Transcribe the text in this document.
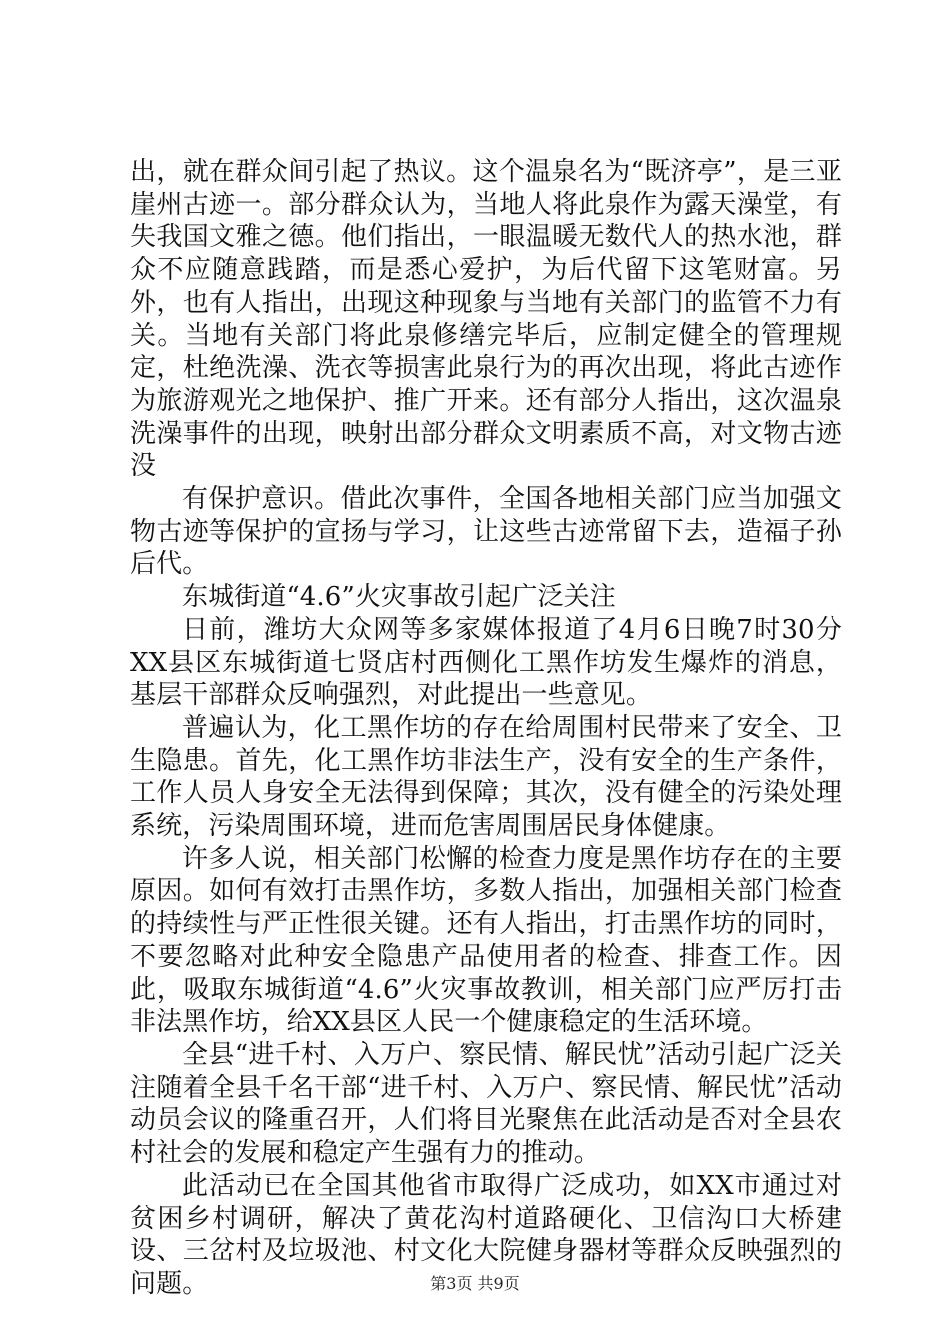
出，就在群众间引起了热议。这个温泉名为“既济亭”，是三亚崖州古迹一。部分群众认为，当地人将此泉作为露天澡堂，有失我国文雅之德。他们指出，一眼温暖无数代人的热水池，群众不应随意践踏，而是悉心爱护，为后代留下这笔财富。另外，也有人指出，出现这种现象与当地有关部门的监管不力有关。当地有关部门将此泉修缮完毕后，应制定健全的管理规定，杜绝洗澡、洗衣等损害此泉行为的再次出现，将此古迹作为旅游观光之地保护、推广开来。还有部分人指出，这次温泉洗澡事件的出现，映射出部分群众文明素质不高，对文物古迹没

有保护意识。借此次事件，全国各地相关部门应当加强文物古迹等保护的宣扬与学习，让这些古迹常留下去，造福子孙后代。

东城街道“4.6”火灾事故引起广泛关注

日前，潍坊大众网等多家媒体报道了4月6日晚7时30分XX县区东城街道七贤店村西侧化工黑作坊发生爆炸的消息，基层干部群众反响强烈，对此提出一些意见。

普遍认为，化工黑作坊的存在给周围村民带来了安全、卫生隐患。首先，化工黑作坊非法生产，没有安全的生产条件，工作人员人身安全无法得到保障；其次，没有健全的污染处理系统，污染周围环境，进而危害周围居民身体健康。

许多人说，相关部门松懈的检查力度是黑作坊存在的主要原因。如何有效打击黑作坊，多数人指出，加强相关部门检查的持续性与严正性很关键。还有人指出，打击黑作坊的同时，不要忽略对此种安全隐患产品使用者的检查、排查工作。因此，吸取东城街道“4.6”火灾事故教训，相关部门应严厉打击非法黑作坊，给XX县区人民一个健康稳定的生活环境。

全县“进千村、入万户、察民情、解民忧”活动引起广泛关注随着全县千名干部“进千村、入万户、察民情、解民忧”活动动员会议的隆重召开，人们将目光聚焦在此活动是否对全县农村社会的发展和稳定产生强有力的推动。

此活动已在全国其他省市取得广泛成功，如XX市通过对贫困乡村调研，解决了黄花沟村道路硬化、卫信沟口大桥建设、三岔村及垃圾池、村文化大院健身器材等群众反映强烈的问题。	第3页 共9页
